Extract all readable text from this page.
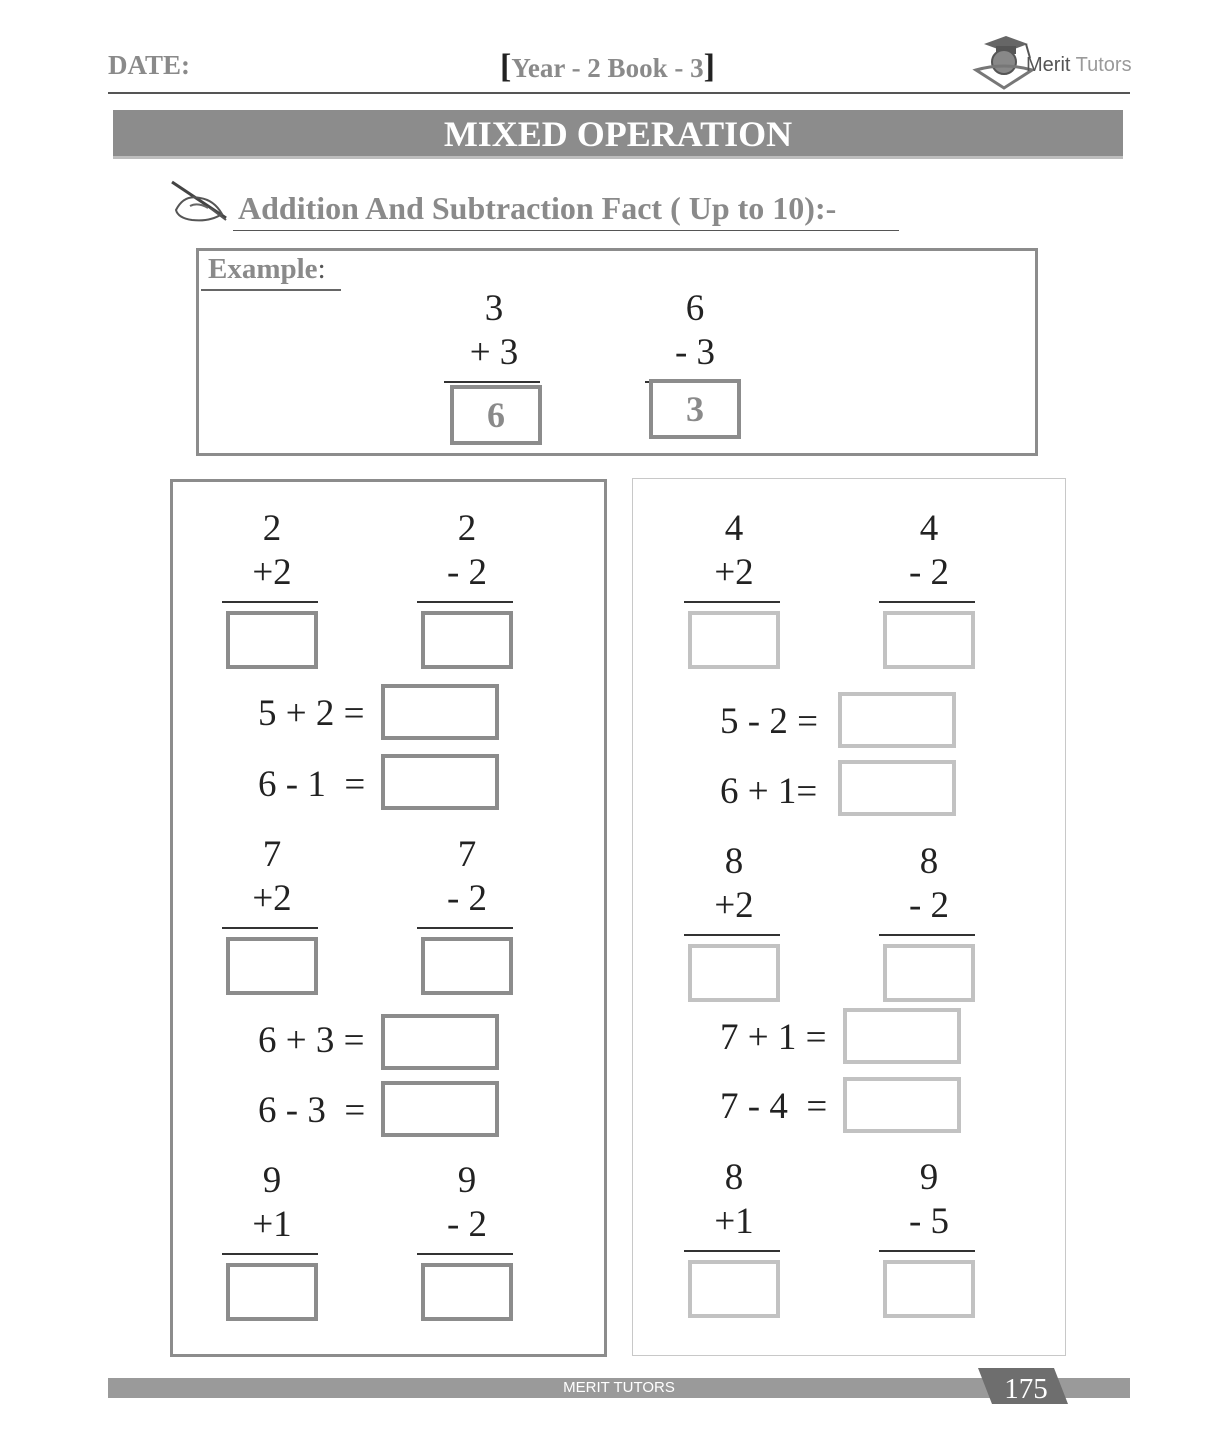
DATE:	[Year - 2 Book - 3]	Merit Tutors
MIXED OPERATION
Addition And Subtraction Fact ( Up to 10):-
Example:
3
+ 3
6
6
- 3
3
2
+2
2
- 2
7
+2
7
- 2
9
+1
9
- 2
5 + 2 =
6 - 1  =
6 + 3 =
6 - 3  =
4
+2
4
- 2
8
+2
8
- 2
8
+1
9
- 5
5 - 2 =
6 + 1=
7 + 1 =
7 - 4  =
MERIT TUTORS	175
